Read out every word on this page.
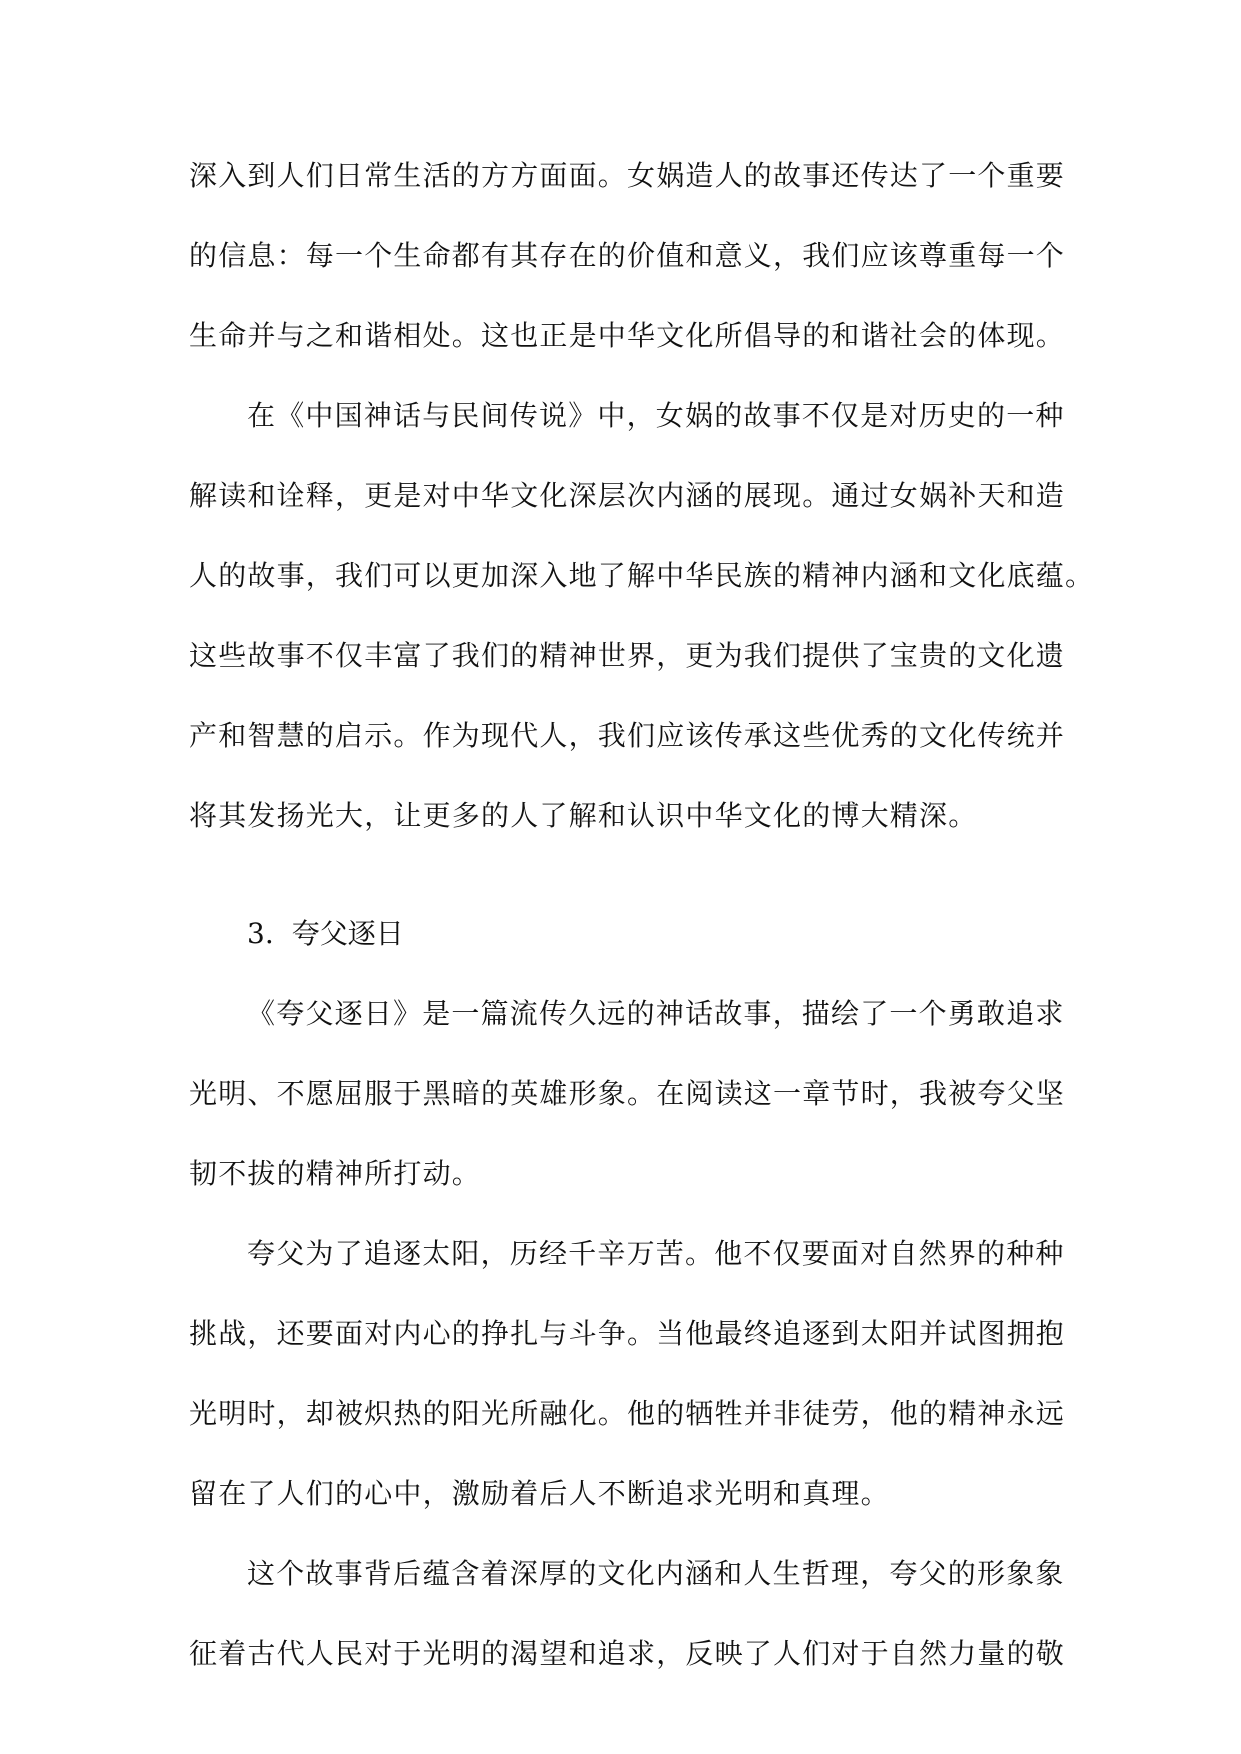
深入到人们日常生活的方方面面。女娲造人的故事还传达了一个重要
的信息：每一个生命都有其存在的价值和意义，我们应该尊重每一个
生命并与之和谐相处。这也正是中华文化所倡导的和谐社会的体现。
在《中国神话与民间传说》中，女娲的故事不仅是对历史的一种
解读和诠释，更是对中华文化深层次内涵的展现。通过女娲补天和造
人的故事，我们可以更加深入地了解中华民族的精神内涵和文化底蕴。
这些故事不仅丰富了我们的精神世界，更为我们提供了宝贵的文化遗
产和智慧的启示。作为现代人，我们应该传承这些优秀的文化传统并
将其发扬光大，让更多的人了解和认识中华文化的博大精深。
3. 夸父逐日
《夸父逐日》是一篇流传久远的神话故事，描绘了一个勇敢追求
光明、不愿屈服于黑暗的英雄形象。在阅读这一章节时，我被夸父坚
韧不拔的精神所打动。
夸父为了追逐太阳，历经千辛万苦。他不仅要面对自然界的种种
挑战，还要面对内心的挣扎与斗争。当他最终追逐到太阳并试图拥抱
光明时，却被炽热的阳光所融化。他的牺牲并非徒劳，他的精神永远
留在了人们的心中，激励着后人不断追求光明和真理。
这个故事背后蕴含着深厚的文化内涵和人生哲理，夸父的形象象
征着古代人民对于光明的渴望和追求，反映了人们对于自然力量的敬
